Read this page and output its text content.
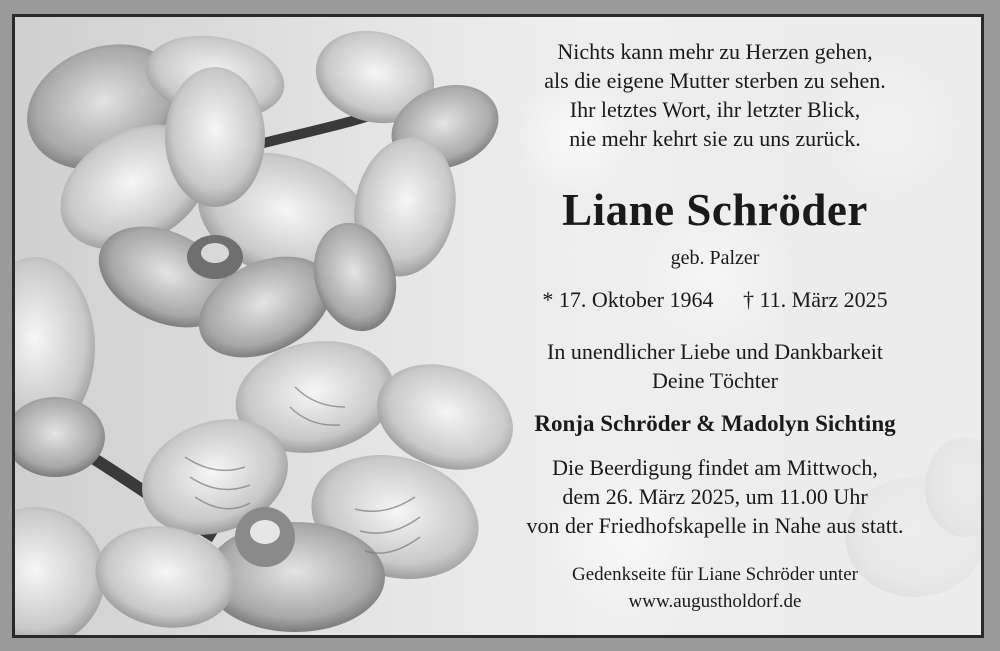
Nichts kann mehr zu Herzen gehen,
als die eigene Mutter sterben zu sehen.
Ihr letztes Wort, ihr letzter Blick,
nie mehr kehrt sie zu uns zurück.
Liane Schröder
geb. Palzer
* 17. Oktober 1964 † 11. März 2025
In unendlicher Liebe und Dankbarkeit
Deine Töchter
Ronja Schröder & Madolyn Sichting
Die Beerdigung findet am Mittwoch,
dem 26. März 2025, um 11.00 Uhr
von der Friedhofskapelle in Nahe aus statt.
Gedenkseite für Liane Schröder unter
www.augustholdorf.de
